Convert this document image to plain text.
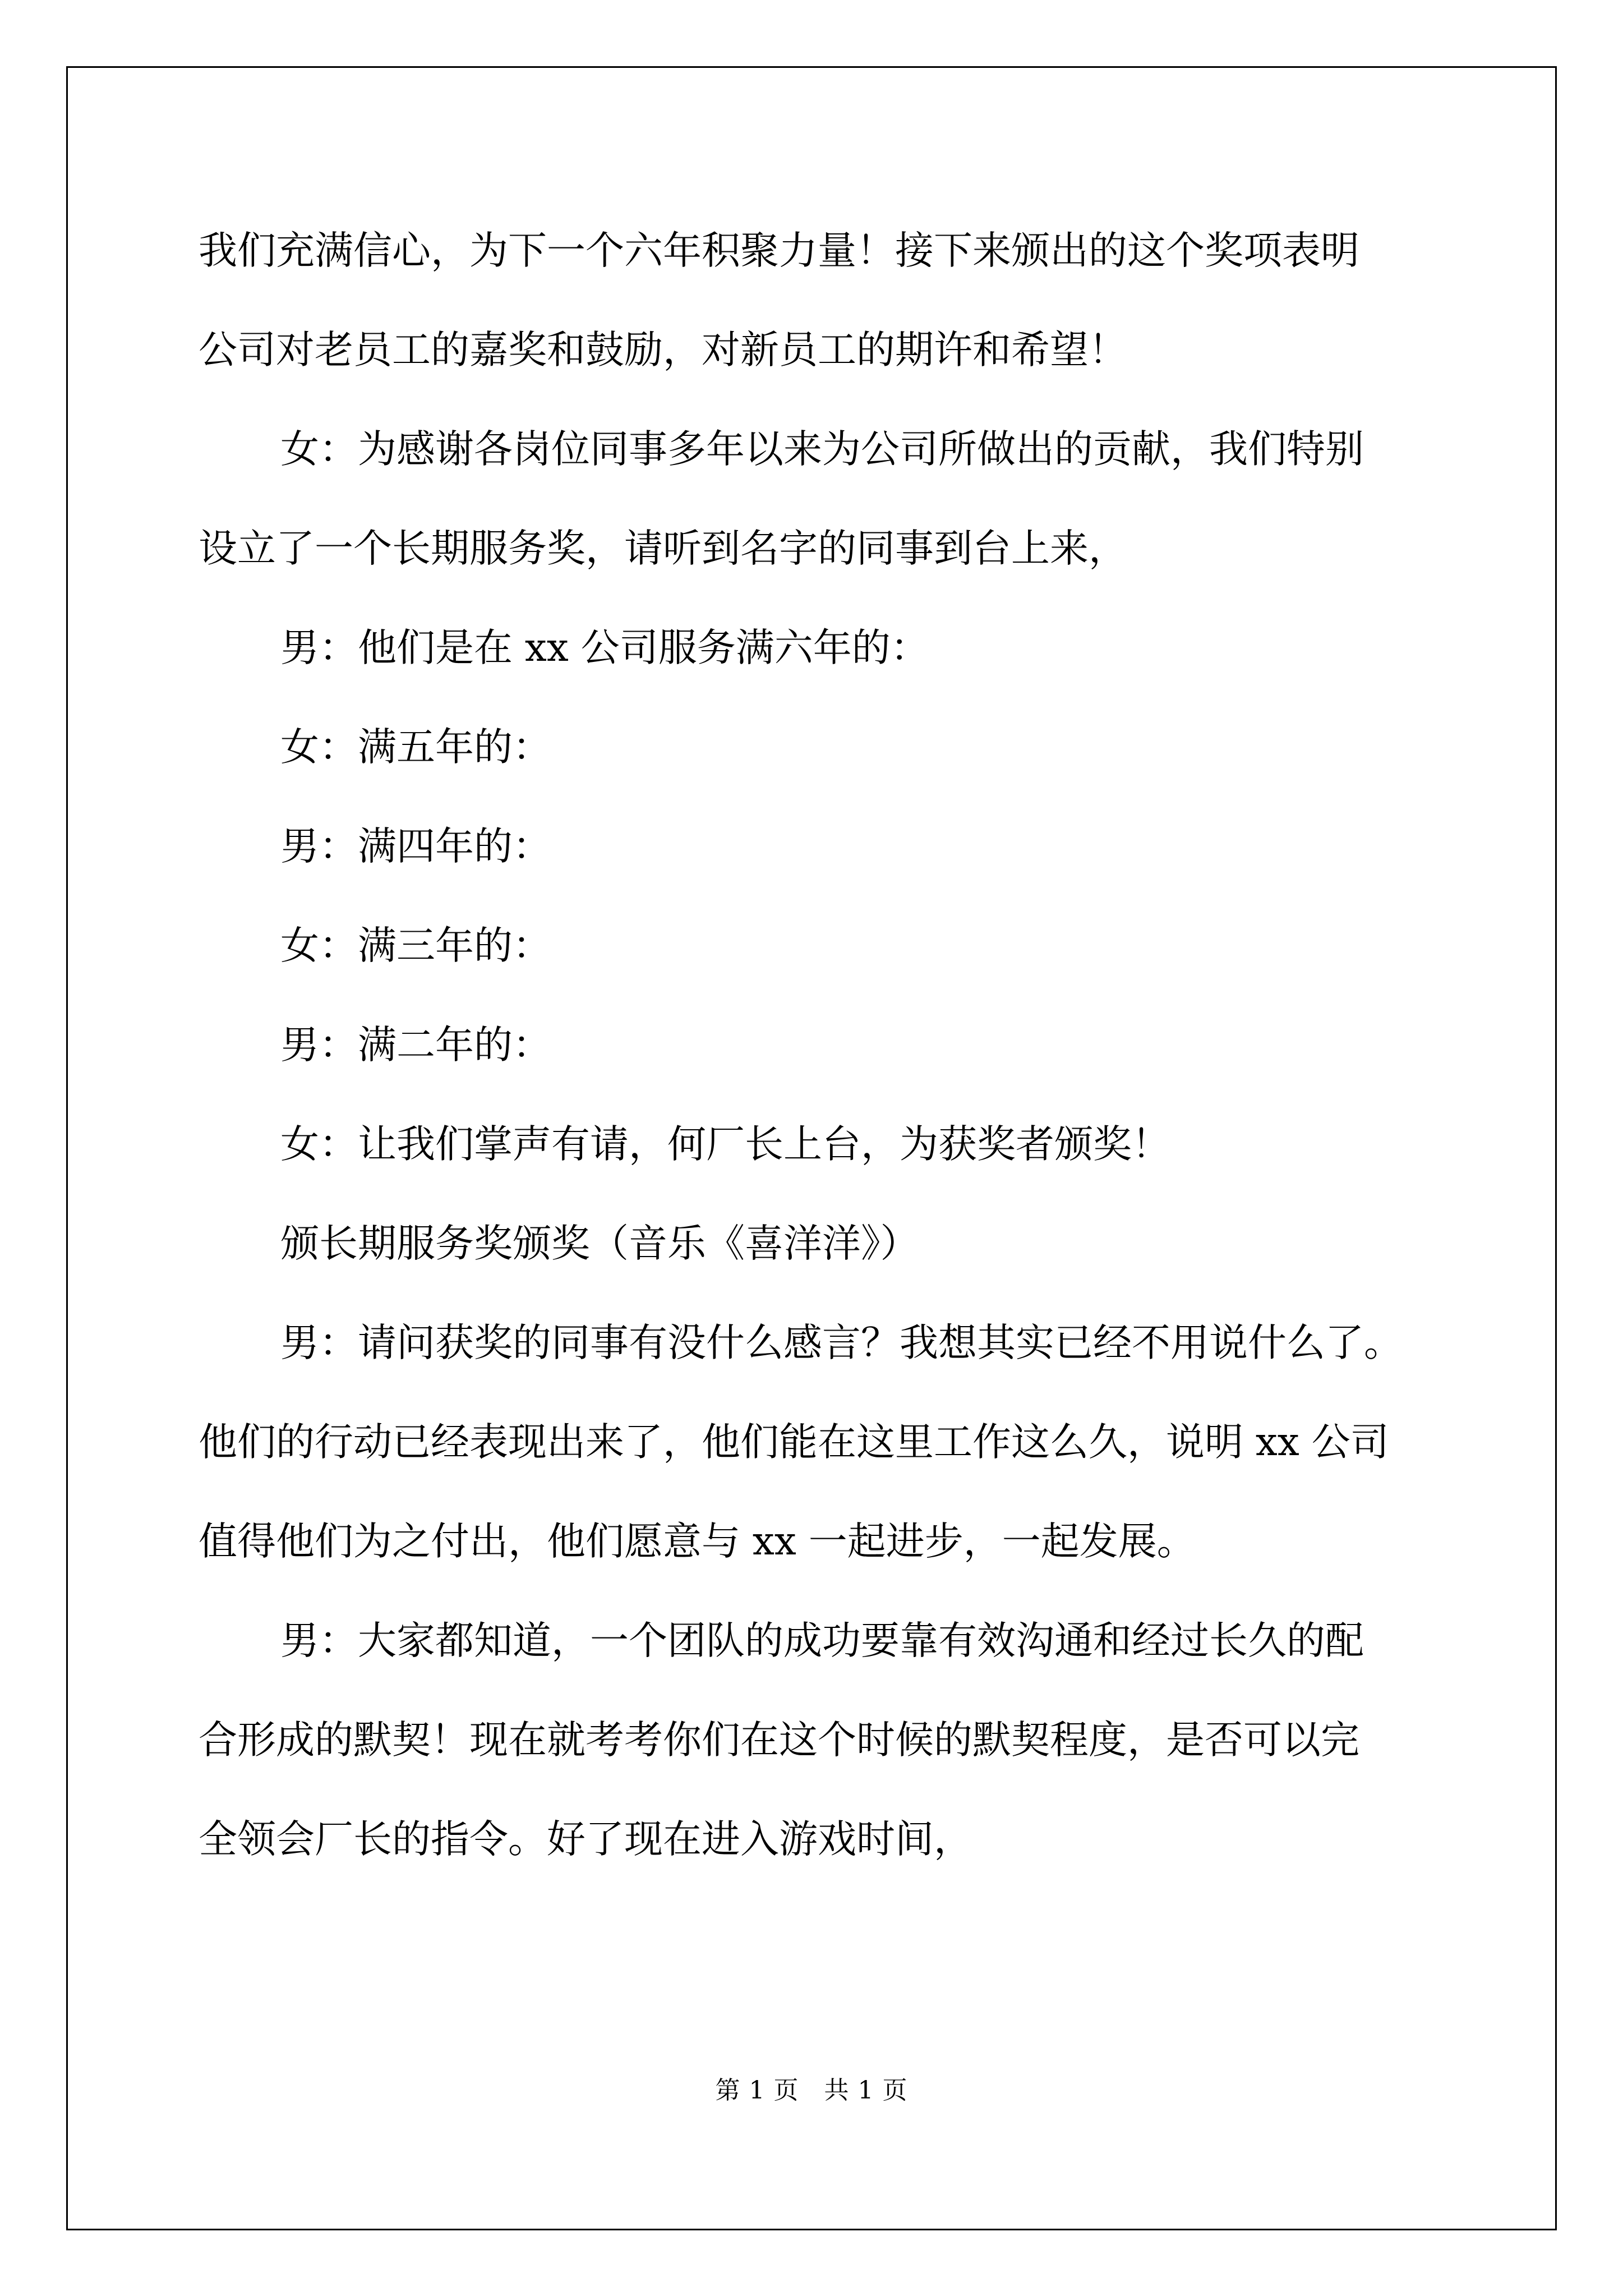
我们充满信心，为下一个六年积聚力量！接下来颁出的这个奖项表明
公司对老员工的嘉奖和鼓励，对新员工的期许和希望！
女：为感谢各岗位同事多年以来为公司所做出的贡献，我们特别
设立了一个长期服务奖，请听到名字的同事到台上来，
男：他们是在 xx 公司服务满六年的：
女：满五年的：
男：满四年的：
女：满三年的：
男：满二年的：
女：让我们掌声有请，何厂长上台，为获奖者颁奖！
颁长期服务奖颁奖（音乐《喜洋洋》）
男：请问获奖的同事有没什么感言？我想其实已经不用说什么了。
他们的行动已经表现出来了，他们能在这里工作这么久，说明 xx 公司
值得他们为之付出，他们愿意与 xx 一起进步，一起发展。
男：大家都知道，一个团队的成功要靠有效沟通和经过长久的配
合形成的默契！现在就考考你们在这个时候的默契程度，是否可以完
全领会厂长的指令。好了现在进入游戏时间，
第 1 页　共 1 页
